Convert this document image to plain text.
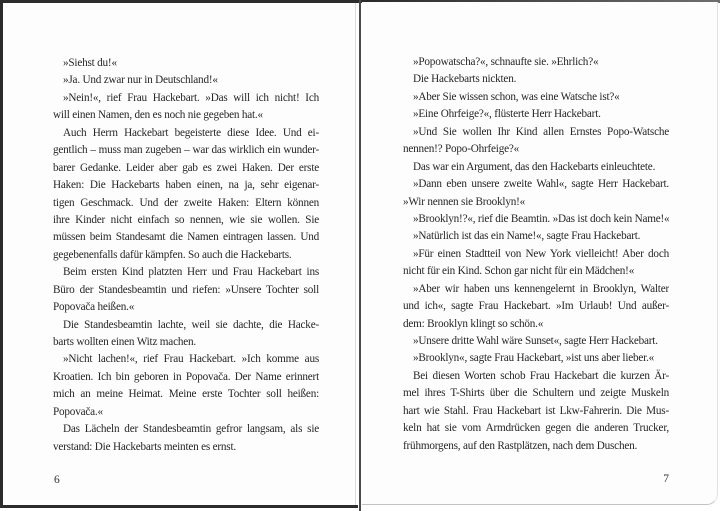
»Siehst du!«
»Ja. Und zwar nur in Deutschland!«
»Nein!«, rief Frau Hackebart. »Das will ich nicht! Ich
will einen Namen, den es noch nie gegeben hat.«
Auch Herrn Hackebart begeisterte diese Idee. Und ei-
gentlich – muss man zugeben – war das wirklich ein wunder-
barer Gedanke. Leider aber gab es zwei Haken. Der erste
Haken: Die Hackebarts haben einen, na ja, sehr eigenar-
tigen Geschmack. Und der zweite Haken: Eltern können
ihre Kinder nicht einfach so nennen, wie sie wollen. Sie
müssen beim Standesamt die Namen eintragen lassen. Und
gegebenenfalls dafür kämpfen. So auch die Hackebarts.
Beim ersten Kind platzten Herr und Frau Hackebart ins
Büro der Standesbeamtin und riefen: »Unsere Tochter soll
Popovača heißen.«
Die Standesbeamtin lachte, weil sie dachte, die Hacke-
barts wollten einen Witz machen.
»Nicht lachen!«, rief Frau Hackebart. »Ich komme aus
Kroatien. Ich bin geboren in Popovača. Der Name erinnert
mich an meine Heimat. Meine erste Tochter soll heißen:
Popovača.«
Das Lächeln der Standesbeamtin gefror langsam, als sie
verstand: Die Hackebarts meinten es ernst.
6
»Popowatscha?«, schnaufte sie. »Ehrlich?«
Die Hackebarts nickten.
»Aber Sie wissen schon, was eine Watsche ist?«
»Eine Ohrfeige?«, flüsterte Herr Hackebart.
»Und Sie wollen Ihr Kind allen Ernstes Popo-Watsche
nennen!? Popo-Ohrfeige?«
Das war ein Argument, das den Hackebarts einleuchtete.
»Dann eben unsere zweite Wahl«, sagte Herr Hackebart.
»Wir nennen sie Brooklyn!«
»Brooklyn!?«, rief die Beamtin. »Das ist doch kein Name!«
»Natürlich ist das ein Name!«, sagte Frau Hackebart.
»Für einen Stadtteil von New York vielleicht! Aber doch
nicht für ein Kind. Schon gar nicht für ein Mädchen!«
»Aber wir haben uns kennengelernt in Brooklyn, Walter
und ich«, sagte Frau Hackebart. »Im Urlaub! Und außer-
dem: Brooklyn klingt so schön.«
»Unsere dritte Wahl wäre Sunset«, sagte Herr Hackebart.
»Brooklyn«, sagte Frau Hackebart, »ist uns aber lieber.«
Bei diesen Worten schob Frau Hackebart die kurzen Är-
mel ihres T-Shirts über die Schultern und zeigte Muskeln
hart wie Stahl. Frau Hackebart ist Lkw-Fahrerin. Die Mus-
keln hat sie vom Armdrücken gegen die anderen Trucker,
frühmorgens, auf den Rastplätzen, nach dem Duschen.
7
